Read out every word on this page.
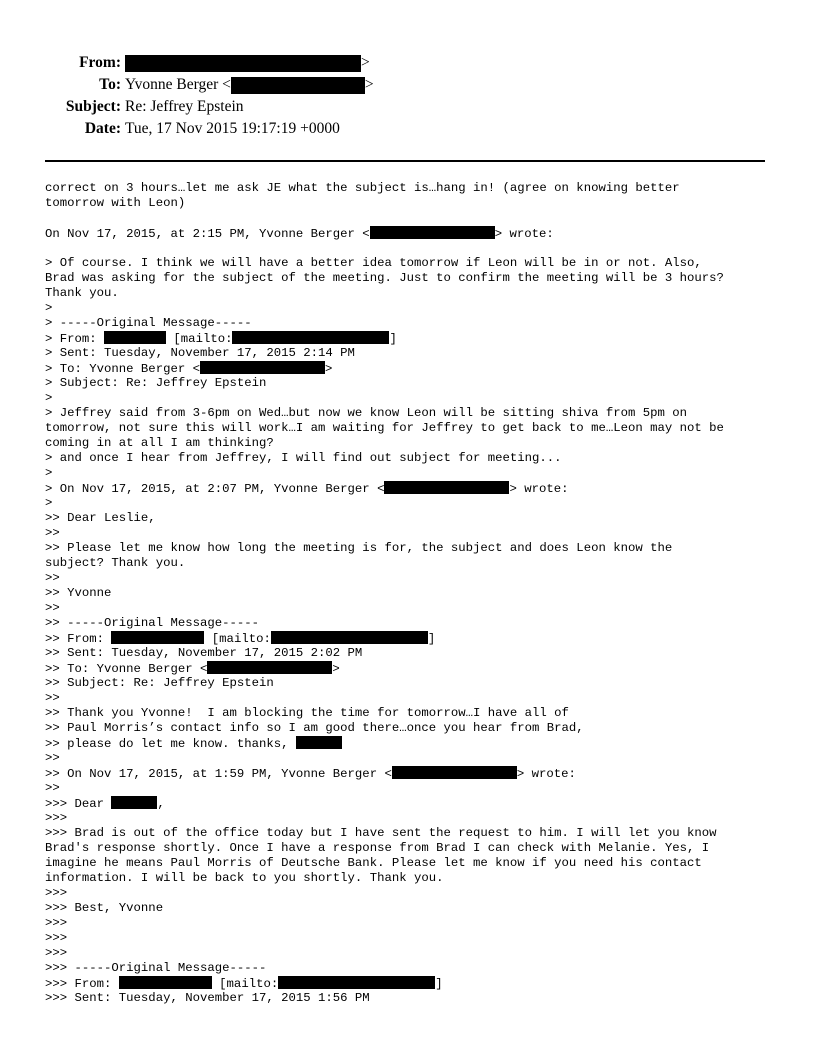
From:	>
To: Yvonne Berger <	>
Subject: Re: Jeffrey Epstein
Date: Tue, 17 Nov 2015 19:17:19 +0000
correct on 3 hours…let me ask JE what the subject is…hang in! (agree on knowing better
tomorrow with Leon)
On Nov 17, 2015, at 2:15 PM, Yvonne Berger <	> wrote:
> Of course. I think we will have a better idea tomorrow if Leon will be in or not. Also,
Brad was asking for the subject of the meeting. Just to confirm the meeting will be 3 hours?
Thank you.
>
> -----Original Message-----
> From:	[mailto:	]
> Sent: Tuesday, November 17, 2015 2:14 PM
> To: Yvonne Berger <	>
> Subject: Re: Jeffrey Epstein
>
> Jeffrey said from 3-6pm on Wed…but now we know Leon will be sitting shiva from 5pm on
tomorrow, not sure this will work…I am waiting for Jeffrey to get back to me…Leon may not be
coming in at all I am thinking?
> and once I hear from Jeffrey, I will find out subject for meeting...
>
> On Nov 17, 2015, at 2:07 PM, Yvonne Berger <	> wrote:
>
>> Dear Leslie,
>>
>> Please let me know how long the meeting is for, the subject and does Leon know the
subject? Thank you.
>>
>> Yvonne
>>
>> -----Original Message-----
>> From:	[mailto:	]
>> Sent: Tuesday, November 17, 2015 2:02 PM
>> To: Yvonne Berger <	>
>> Subject: Re: Jeffrey Epstein
>>
>> Thank you Yvonne!  I am blocking the time for tomorrow…I have all of
>> Paul Morris’s contact info so I am good there…once you hear from Brad,
>> please do let me know. thanks,
>>
>> On Nov 17, 2015, at 1:59 PM, Yvonne Berger <	> wrote:
>>
>>> Dear	,
>>>
>>> Brad is out of the office today but I have sent the request to him. I will let you know
Brad's response shortly. Once I have a response from Brad I can check with Melanie. Yes, I
imagine he means Paul Morris of Deutsche Bank. Please let me know if you need his contact
information. I will be back to you shortly. Thank you.
>>>
>>> Best, Yvonne
>>>
>>>
>>>
>>> -----Original Message-----
>>> From:	[mailto:	]
>>> Sent: Tuesday, November 17, 2015 1:56 PM
